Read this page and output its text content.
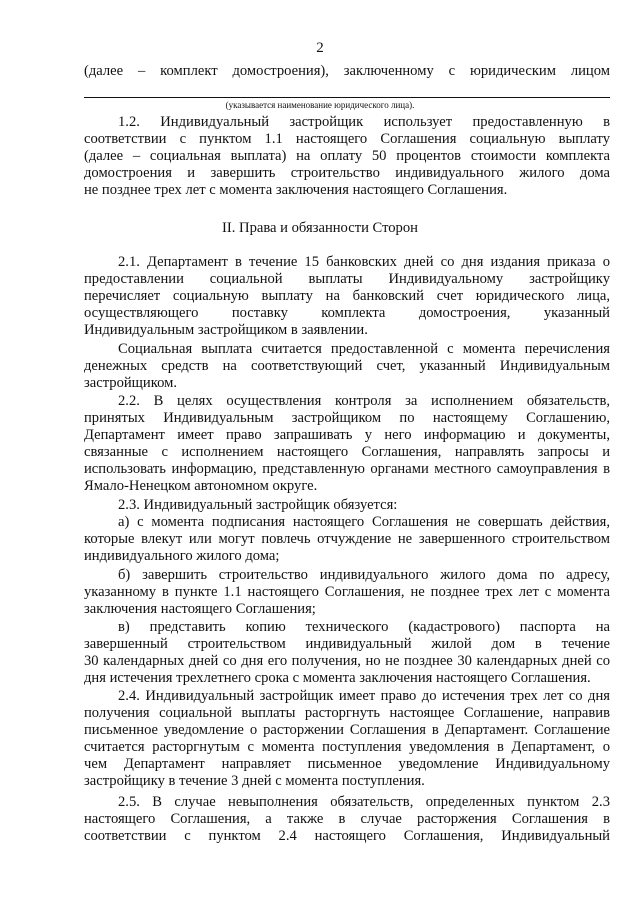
2

(далее – комплект домостроения), заключенному с юридическим лицом

(указывается наименование юридического лица).

1.2. Индивидуальный застройщик использует предоставленную в

соответствии с пунктом 1.1 настоящего Соглашения социальную выплату

(далее – социальная выплата) на оплату 50 процентов стоимости комплекта

домостроения и завершить строительство индивидуального жилого дома

не позднее трех лет с момента заключения настоящего Соглашения.

II. Права и обязанности Сторон

2.1. Департамент в течение 15 банковских дней со дня издания приказа о

предоставлении социальной выплаты Индивидуальному застройщику

перечисляет социальную выплату на банковский счет юридического лица,

осуществляющего поставку комплекта домостроения, указанный

Индивидуальным застройщиком в заявлении.

Социальная выплата считается предоставленной с момента перечисления

денежных средств на соответствующий счет, указанный Индивидуальным

застройщиком.

2.2. В целях осуществления контроля за исполнением обязательств,

принятых Индивидуальным застройщиком по настоящему Соглашению,

Департамент имеет право запрашивать у него информацию и документы,

связанные с исполнением настоящего Соглашения, направлять запросы и

использовать информацию, представленную органами местного самоуправления в

Ямало-Ненецком автономном округе.

2.3. Индивидуальный застройщик обязуется:

а) с момента подписания настоящего Соглашения не совершать действия,

которые влекут или могут повлечь отчуждение не завершенного строительством

индивидуального жилого дома;

б) завершить строительство индивидуального жилого дома по адресу,

указанному в пункте 1.1 настоящего Соглашения, не позднее трех лет с момента

заключения настоящего Соглашения;

в) представить копию технического (кадастрового) паспорта на

завершенный строительством индивидуальный жилой дом в течение

30 календарных дней со дня его получения, но не позднее 30 календарных дней со

дня истечения трехлетнего срока с момента заключения настоящего Соглашения.

2.4. Индивидуальный застройщик имеет право до истечения трех лет со дня

получения социальной выплаты расторгнуть настоящее Соглашение, направив

письменное уведомление о расторжении Соглашения в Департамент. Соглашение

считается расторгнутым с момента поступления уведомления в Департамент, о

чем Департамент направляет письменное уведомление Индивидуальному

застройщику в течение 3 дней с момента поступления.

2.5. В случае невыполнения обязательств, определенных пунктом 2.3

настоящего Соглашения, а также в случае расторжения Соглашения в

соответствии с пунктом 2.4 настоящего Соглашения, Индивидуальный
